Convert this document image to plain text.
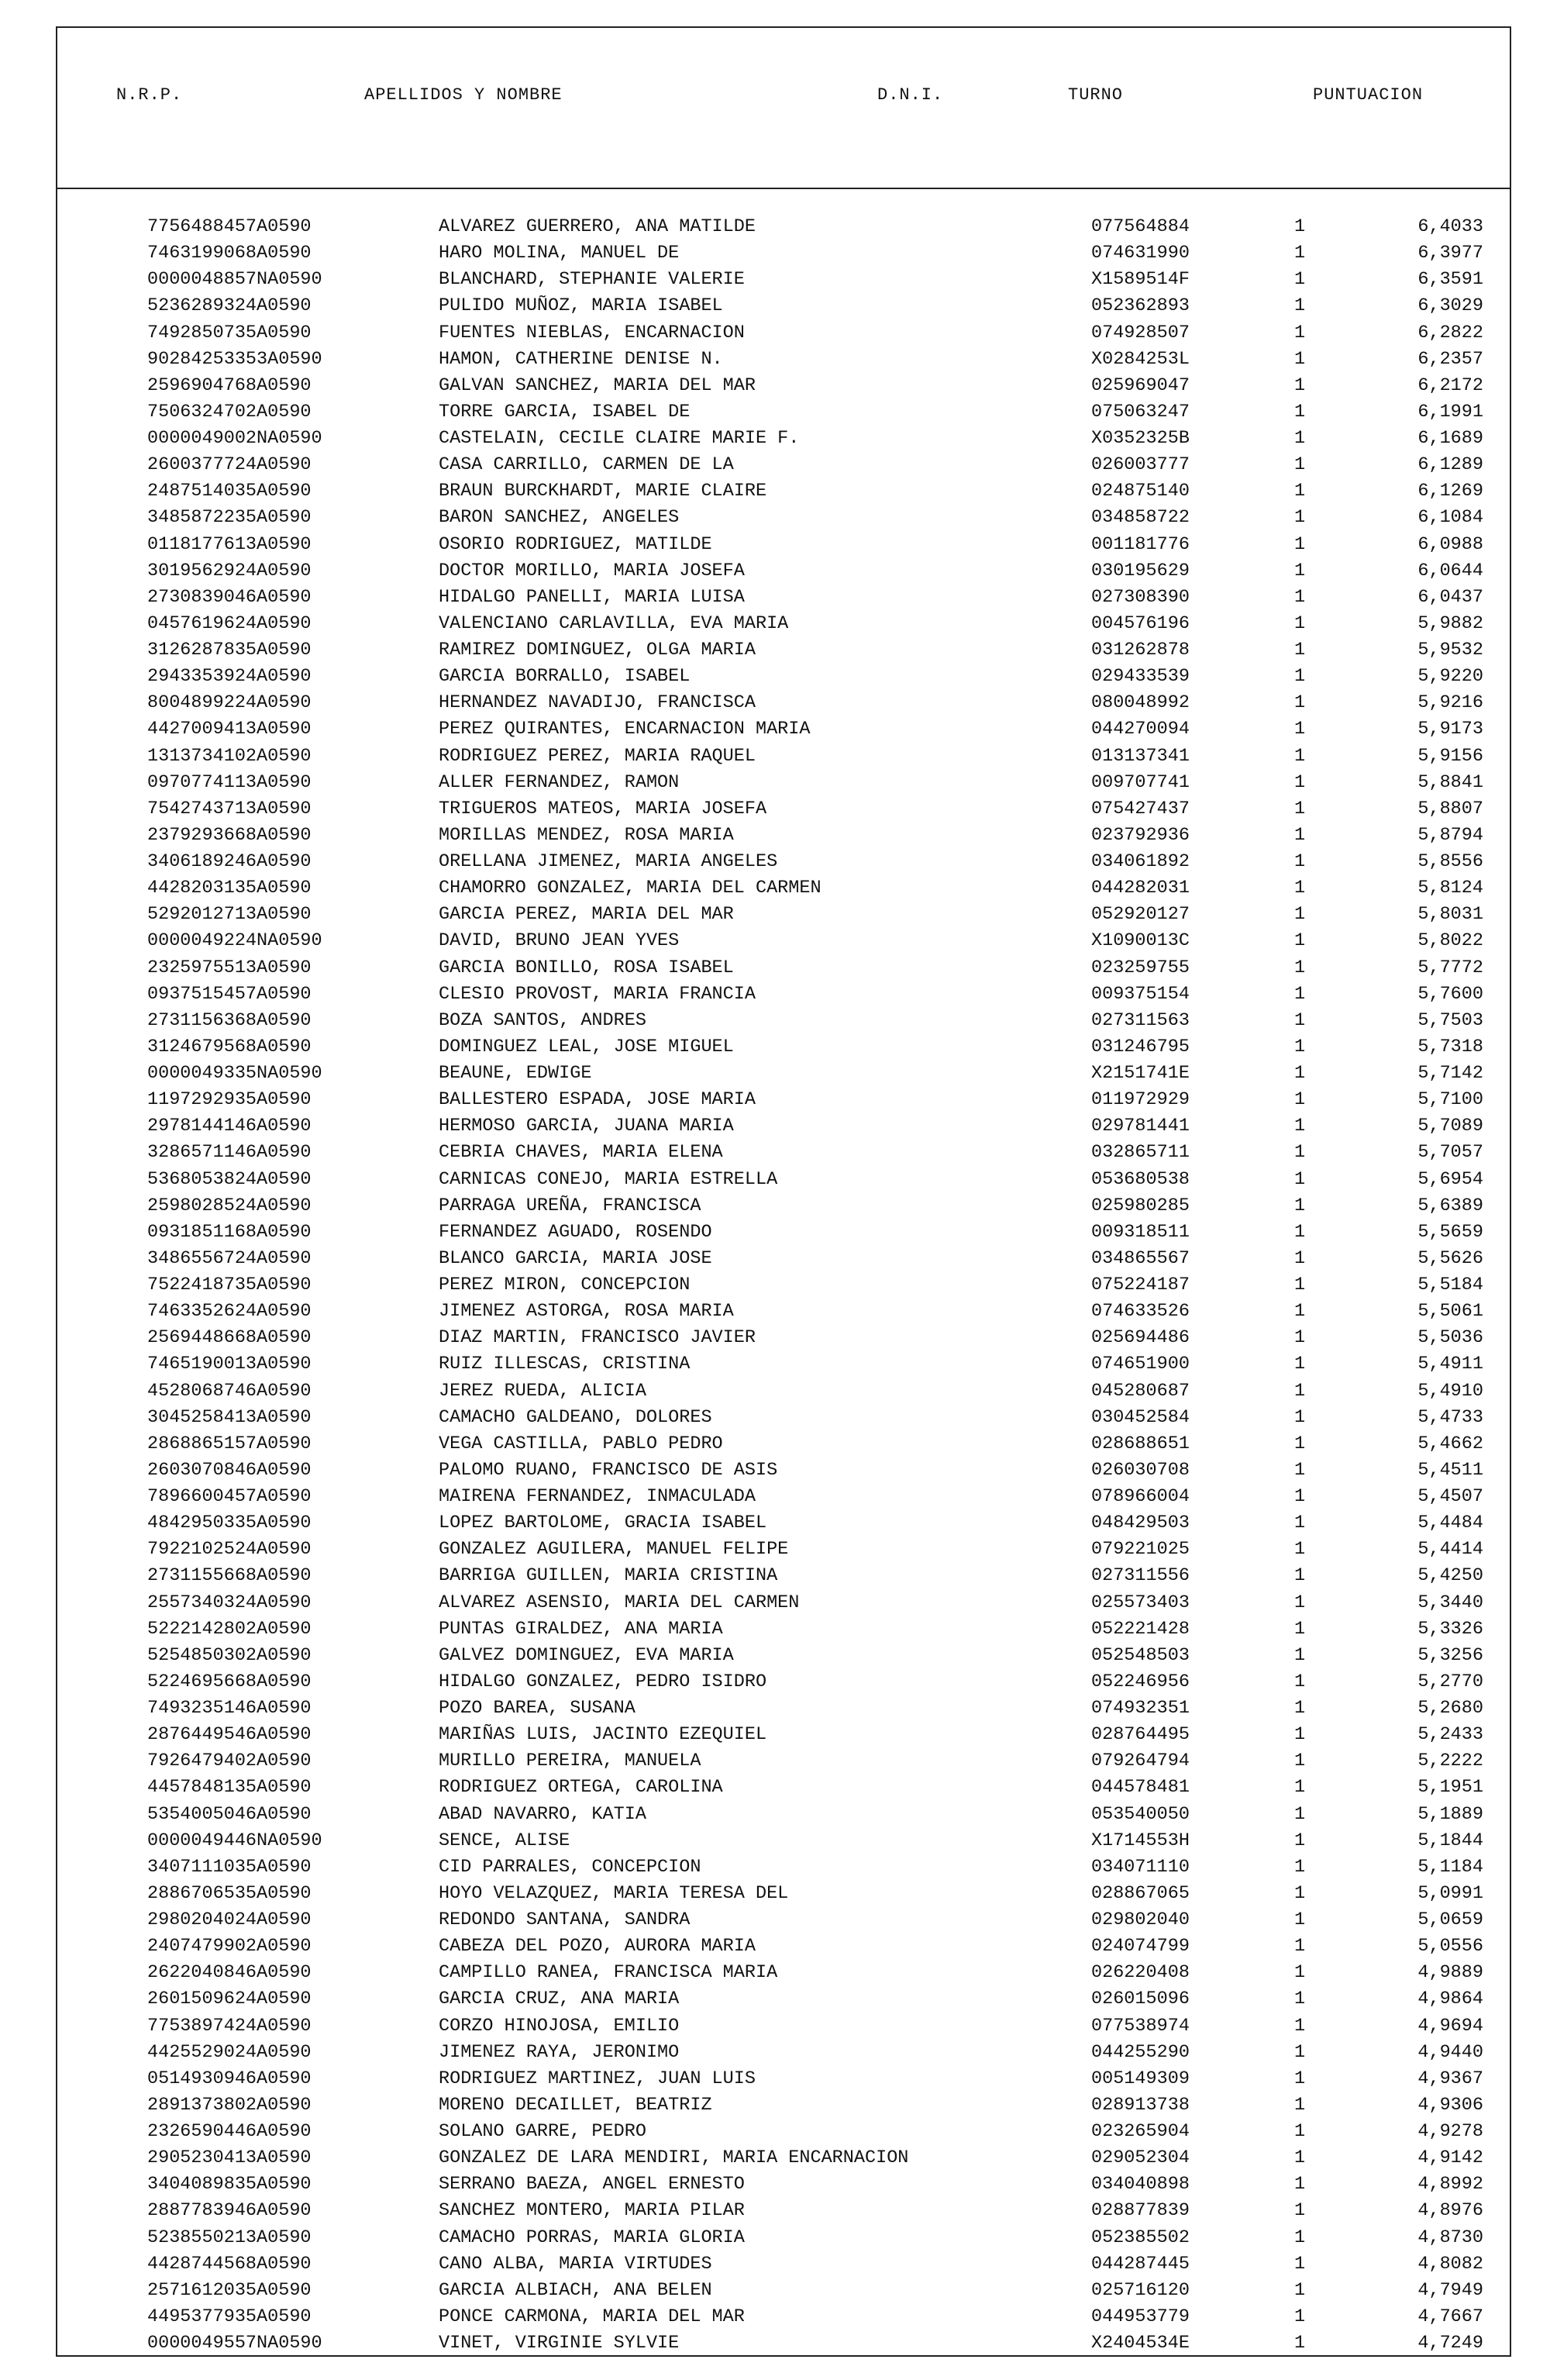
N.R.P.	APELLIDOS Y NOMBRE	D.N.I.	TURNO	PUNTUACION
7756488457A0590	ALVAREZ GUERRERO, ANA MATILDE	077564884	1	6,4033
7463199068A0590	HARO MOLINA, MANUEL DE	074631990	1	6,3977
0000048857NA0590	BLANCHARD, STEPHANIE VALERIE	X1589514F	1	6,3591
5236289324A0590	PULIDO MUÑOZ, MARIA ISABEL	052362893	1	6,3029
7492850735A0590	FUENTES NIEBLAS, ENCARNACION	074928507	1	6,2822
90284253353A0590	HAMON, CATHERINE DENISE N.	X0284253L	1	6,2357
2596904768A0590	GALVAN SANCHEZ, MARIA DEL MAR	025969047	1	6,2172
7506324702A0590	TORRE GARCIA, ISABEL DE	075063247	1	6,1991
0000049002NA0590	CASTELAIN, CECILE CLAIRE MARIE F.	X0352325B	1	6,1689
2600377724A0590	CASA CARRILLO, CARMEN DE LA	026003777	1	6,1289
2487514035A0590	BRAUN BURCKHARDT, MARIE CLAIRE	024875140	1	6,1269
3485872235A0590	BARON SANCHEZ, ANGELES	034858722	1	6,1084
0118177613A0590	OSORIO RODRIGUEZ, MATILDE	001181776	1	6,0988
3019562924A0590	DOCTOR MORILLO, MARIA JOSEFA	030195629	1	6,0644
2730839046A0590	HIDALGO PANELLI, MARIA LUISA	027308390	1	6,0437
0457619624A0590	VALENCIANO CARLAVILLA, EVA MARIA	004576196	1	5,9882
3126287835A0590	RAMIREZ DOMINGUEZ, OLGA MARIA	031262878	1	5,9532
2943353924A0590	GARCIA BORRALLO, ISABEL	029433539	1	5,9220
8004899224A0590	HERNANDEZ NAVADIJO, FRANCISCA	080048992	1	5,9216
4427009413A0590	PEREZ QUIRANTES, ENCARNACION MARIA	044270094	1	5,9173
1313734102A0590	RODRIGUEZ PEREZ, MARIA RAQUEL	013137341	1	5,9156
0970774113A0590	ALLER FERNANDEZ, RAMON	009707741	1	5,8841
7542743713A0590	TRIGUEROS MATEOS, MARIA JOSEFA	075427437	1	5,8807
2379293668A0590	MORILLAS MENDEZ, ROSA MARIA	023792936	1	5,8794
3406189246A0590	ORELLANA JIMENEZ, MARIA ANGELES	034061892	1	5,8556
4428203135A0590	CHAMORRO GONZALEZ, MARIA DEL CARMEN	044282031	1	5,8124
5292012713A0590	GARCIA PEREZ, MARIA DEL MAR	052920127	1	5,8031
0000049224NA0590	DAVID, BRUNO JEAN YVES	X1090013C	1	5,8022
2325975513A0590	GARCIA BONILLO, ROSA ISABEL	023259755	1	5,7772
0937515457A0590	CLESIO PROVOST, MARIA FRANCIA	009375154	1	5,7600
2731156368A0590	BOZA SANTOS, ANDRES	027311563	1	5,7503
3124679568A0590	DOMINGUEZ LEAL, JOSE MIGUEL	031246795	1	5,7318
0000049335NA0590	BEAUNE, EDWIGE	X2151741E	1	5,7142
1197292935A0590	BALLESTERO ESPADA, JOSE MARIA	011972929	1	5,7100
2978144146A0590	HERMOSO GARCIA, JUANA MARIA	029781441	1	5,7089
3286571146A0590	CEBRIA CHAVES, MARIA ELENA	032865711	1	5,7057
5368053824A0590	CARNICAS CONEJO, MARIA ESTRELLA	053680538	1	5,6954
2598028524A0590	PARRAGA UREÑA, FRANCISCA	025980285	1	5,6389
0931851168A0590	FERNANDEZ AGUADO, ROSENDO	009318511	1	5,5659
3486556724A0590	BLANCO GARCIA, MARIA JOSE	034865567	1	5,5626
7522418735A0590	PEREZ MIRON, CONCEPCION	075224187	1	5,5184
7463352624A0590	JIMENEZ ASTORGA, ROSA MARIA	074633526	1	5,5061
2569448668A0590	DIAZ MARTIN, FRANCISCO JAVIER	025694486	1	5,5036
7465190013A0590	RUIZ ILLESCAS, CRISTINA	074651900	1	5,4911
4528068746A0590	JEREZ RUEDA, ALICIA	045280687	1	5,4910
3045258413A0590	CAMACHO GALDEANO, DOLORES	030452584	1	5,4733
2868865157A0590	VEGA CASTILLA, PABLO PEDRO	028688651	1	5,4662
2603070846A0590	PALOMO RUANO, FRANCISCO DE ASIS	026030708	1	5,4511
7896600457A0590	MAIRENA FERNANDEZ, INMACULADA	078966004	1	5,4507
4842950335A0590	LOPEZ BARTOLOME, GRACIA ISABEL	048429503	1	5,4484
7922102524A0590	GONZALEZ AGUILERA, MANUEL FELIPE	079221025	1	5,4414
2731155668A0590	BARRIGA GUILLEN, MARIA CRISTINA	027311556	1	5,4250
2557340324A0590	ALVAREZ ASENSIO, MARIA DEL CARMEN	025573403	1	5,3440
5222142802A0590	PUNTAS GIRALDEZ, ANA MARIA	052221428	1	5,3326
5254850302A0590	GALVEZ DOMINGUEZ, EVA MARIA	052548503	1	5,3256
5224695668A0590	HIDALGO GONZALEZ, PEDRO ISIDRO	052246956	1	5,2770
7493235146A0590	POZO BAREA, SUSANA	074932351	1	5,2680
2876449546A0590	MARIÑAS LUIS, JACINTO EZEQUIEL	028764495	1	5,2433
7926479402A0590	MURILLO PEREIRA, MANUELA	079264794	1	5,2222
4457848135A0590	RODRIGUEZ ORTEGA, CAROLINA	044578481	1	5,1951
5354005046A0590	ABAD NAVARRO, KATIA	053540050	1	5,1889
0000049446NA0590	SENCE, ALISE	X1714553H	1	5,1844
3407111035A0590	CID PARRALES, CONCEPCION	034071110	1	5,1184
2886706535A0590	HOYO VELAZQUEZ, MARIA TERESA DEL	028867065	1	5,0991
2980204024A0590	REDONDO SANTANA, SANDRA	029802040	1	5,0659
2407479902A0590	CABEZA DEL POZO, AURORA MARIA	024074799	1	5,0556
2622040846A0590	CAMPILLO RANEA, FRANCISCA MARIA	026220408	1	4,9889
2601509624A0590	GARCIA CRUZ, ANA MARIA	026015096	1	4,9864
7753897424A0590	CORZO HINOJOSA, EMILIO	077538974	1	4,9694
4425529024A0590	JIMENEZ RAYA, JERONIMO	044255290	1	4,9440
0514930946A0590	RODRIGUEZ MARTINEZ, JUAN LUIS	005149309	1	4,9367
2891373802A0590	MORENO DECAILLET, BEATRIZ	028913738	1	4,9306
2326590446A0590	SOLANO GARRE, PEDRO	023265904	1	4,9278
2905230413A0590	GONZALEZ DE LARA MENDIRI, MARIA ENCARNACION	029052304	1	4,9142
3404089835A0590	SERRANO BAEZA, ANGEL ERNESTO	034040898	1	4,8992
2887783946A0590	SANCHEZ MONTERO, MARIA PILAR	028877839	1	4,8976
5238550213A0590	CAMACHO PORRAS, MARIA GLORIA	052385502	1	4,8730
4428744568A0590	CANO ALBA, MARIA VIRTUDES	044287445	1	4,8082
2571612035A0590	GARCIA ALBIACH, ANA BELEN	025716120	1	4,7949
4495377935A0590	PONCE CARMONA, MARIA DEL MAR	044953779	1	4,7667
0000049557NA0590	VINET, VIRGINIE SYLVIE	X2404534E	1	4,7249
